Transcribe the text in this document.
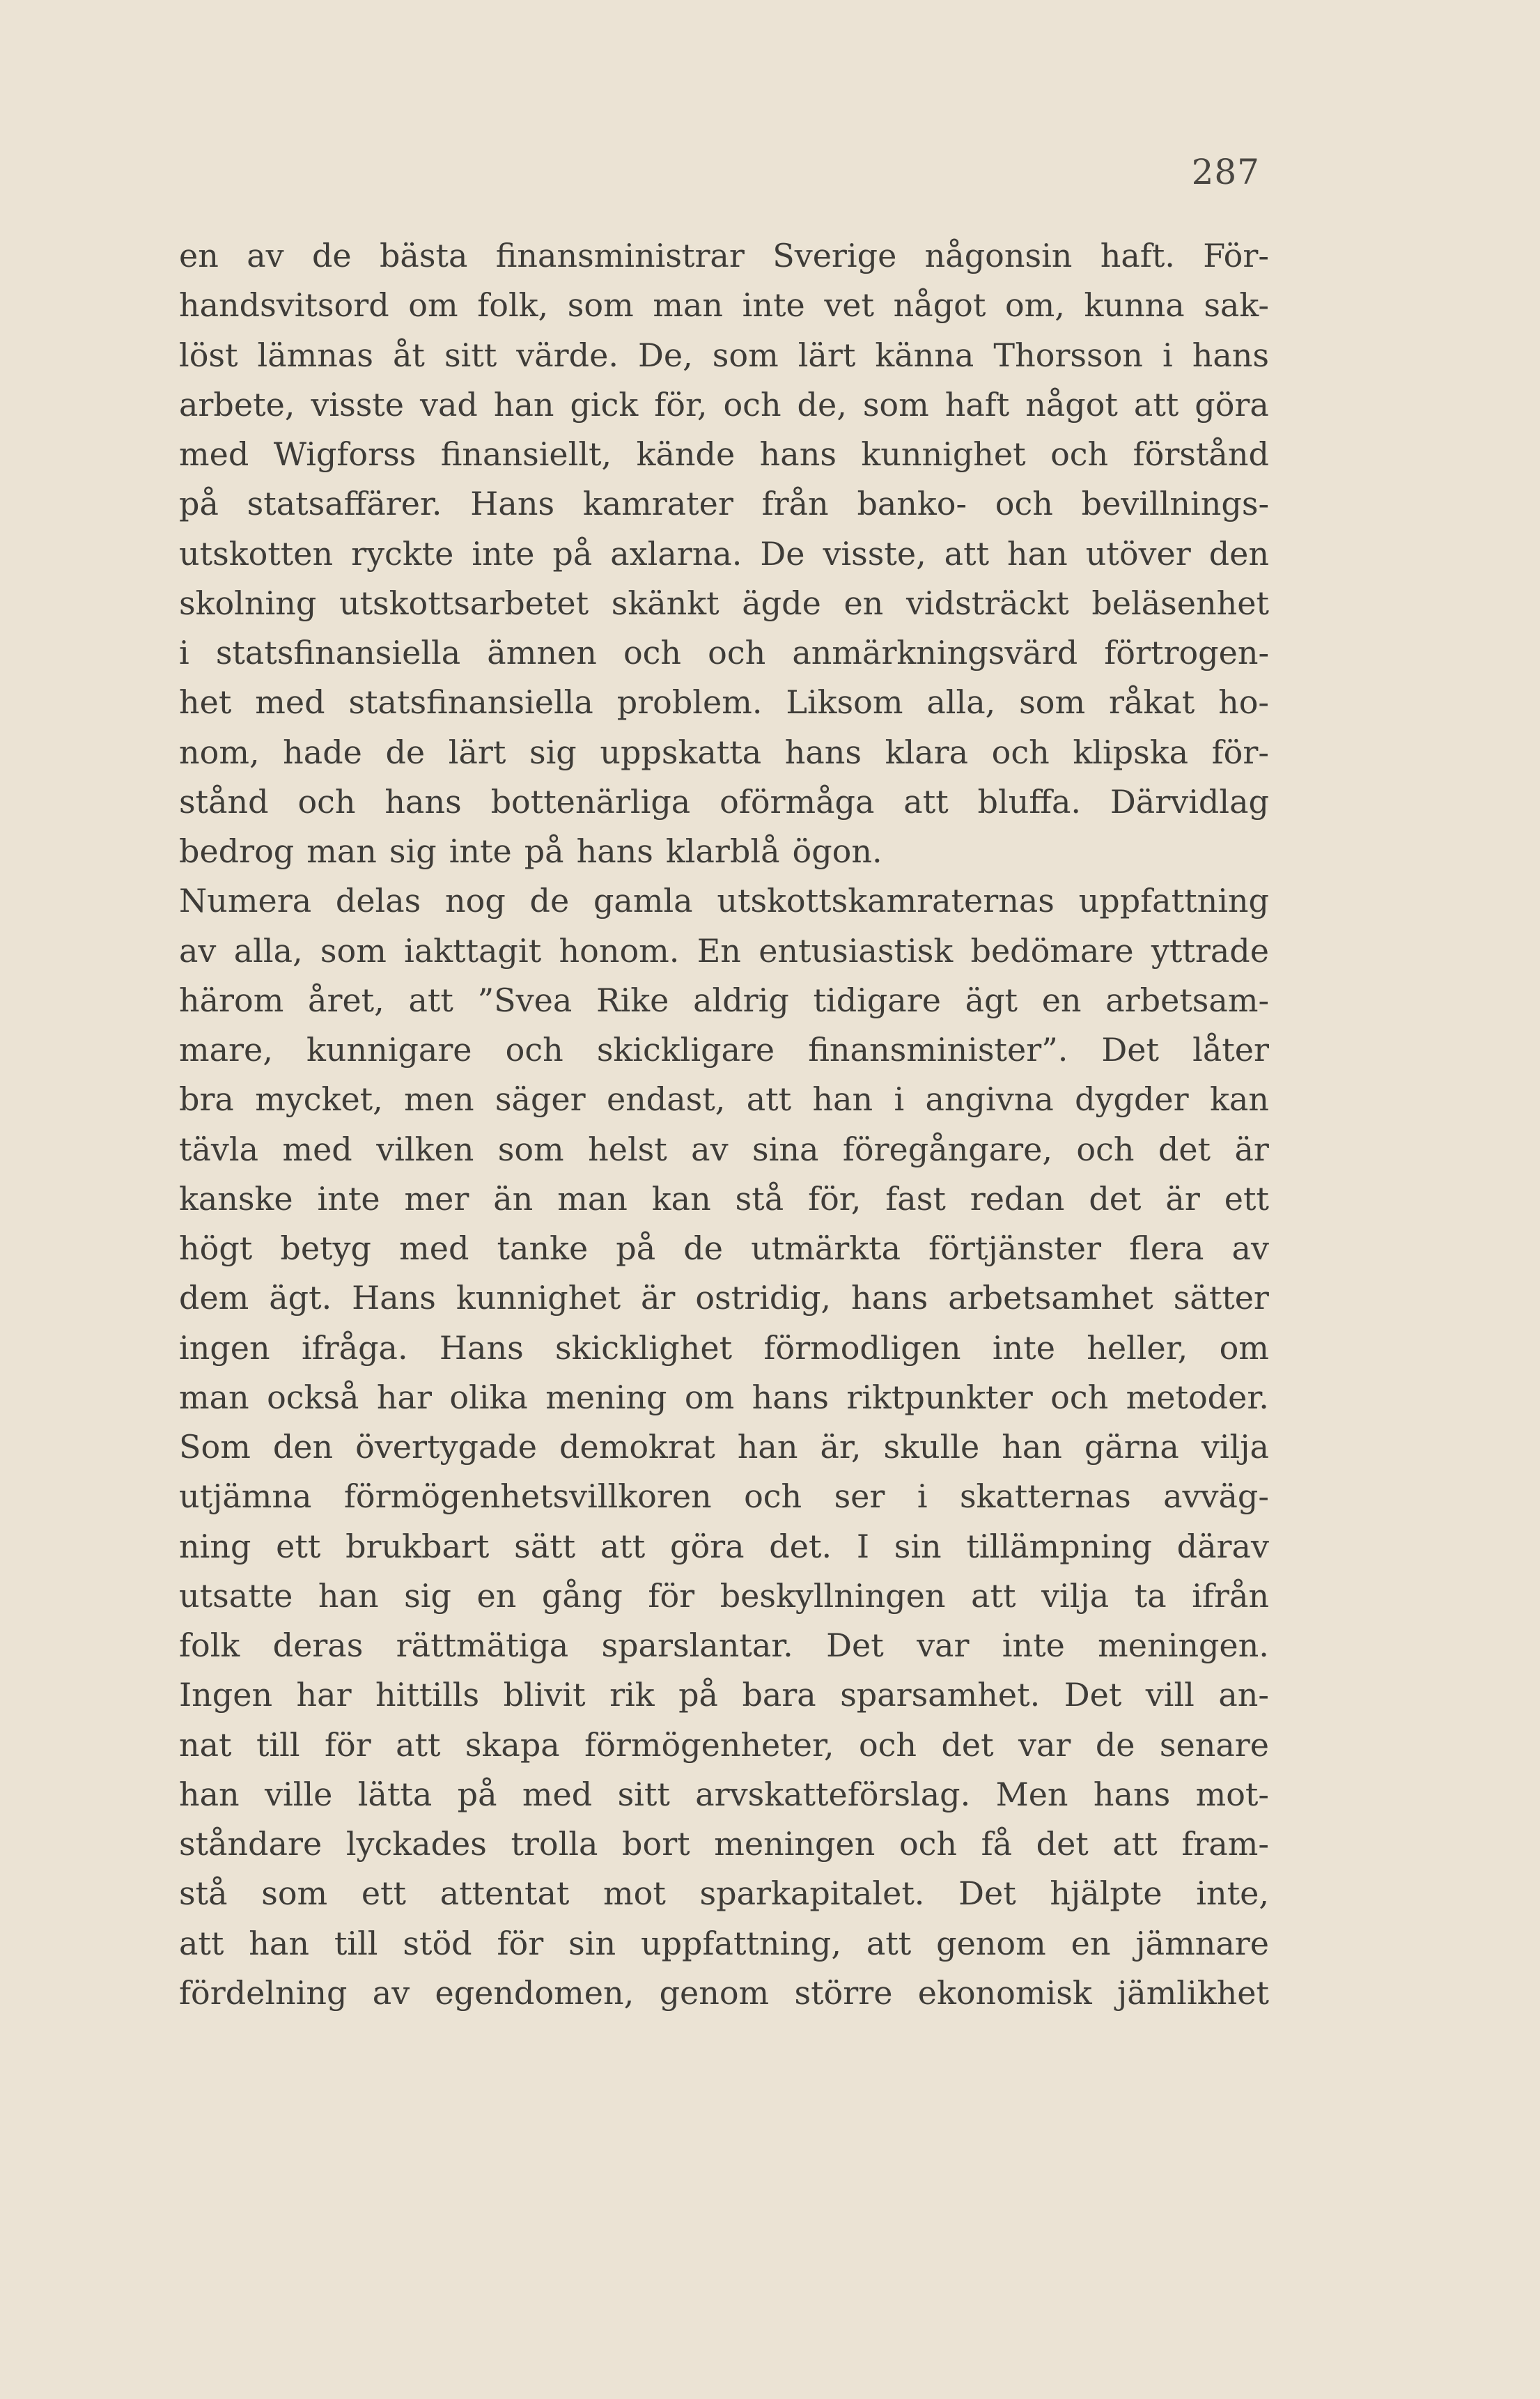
287
en av de bästa finansministrar Sverige någonsin haft. För-
handsvitsord om folk, som man inte vet något om, kunna sak-
löst lämnas åt sitt värde. De, som lärt känna Thorsson i hans
arbete, visste vad han gick för, och de, som haft något att göra
med Wigforss finansiellt, kände hans kunnighet och förstånd
på statsaffärer. Hans kamrater från banko- och bevillnings-
utskotten ryckte inte på axlarna. De visste, att han utöver den
skolning utskottsarbetet skänkt ägde en vidsträckt beläsenhet
i statsfinansiella ämnen och och anmärkningsvärd förtrogen-
het med statsfinansiella problem. Liksom alla, som råkat ho-
nom, hade de lärt sig uppskatta hans klara och klipska för-
stånd och hans bottenärliga oförmåga att bluffa. Därvidlag
bedrog man sig inte på hans klarblå ögon.
Numera delas nog de gamla utskottskamraternas uppfattning
av alla, som iakttagit honom. En entusiastisk bedömare yttrade
härom året, att ”Svea Rike aldrig tidigare ägt en arbetsam-
mare, kunnigare och skickligare finansminister”. Det låter
bra mycket, men säger endast, att han i angivna dygder kan
tävla med vilken som helst av sina föregångare, och det är
kanske inte mer än man kan stå för, fast redan det är ett
högt betyg med tanke på de utmärkta förtjänster flera av
dem ägt. Hans kunnighet är ostridig, hans arbetsamhet sätter
ingen ifråga. Hans skicklighet förmodligen inte heller, om
man också har olika mening om hans riktpunkter och metoder.
Som den övertygade demokrat han är, skulle han gärna vilja
utjämna förmögenhetsvillkoren och ser i skatternas avväg-
ning ett brukbart sätt att göra det. I sin tillämpning därav
utsatte han sig en gång för beskyllningen att vilja ta ifrån
folk deras rättmätiga sparslantar. Det var inte meningen.
Ingen har hittills blivit rik på bara sparsamhet. Det vill an-
nat till för att skapa förmögenheter, och det var de senare
han ville lätta på med sitt arvskatteförslag. Men hans mot-
ståndare lyckades trolla bort meningen och få det att fram-
stå som ett attentat mot sparkapitalet. Det hjälpte inte,
att han till stöd för sin uppfattning, att genom en jämnare
fördelning av egendomen, genom större ekonomisk jämlikhet
